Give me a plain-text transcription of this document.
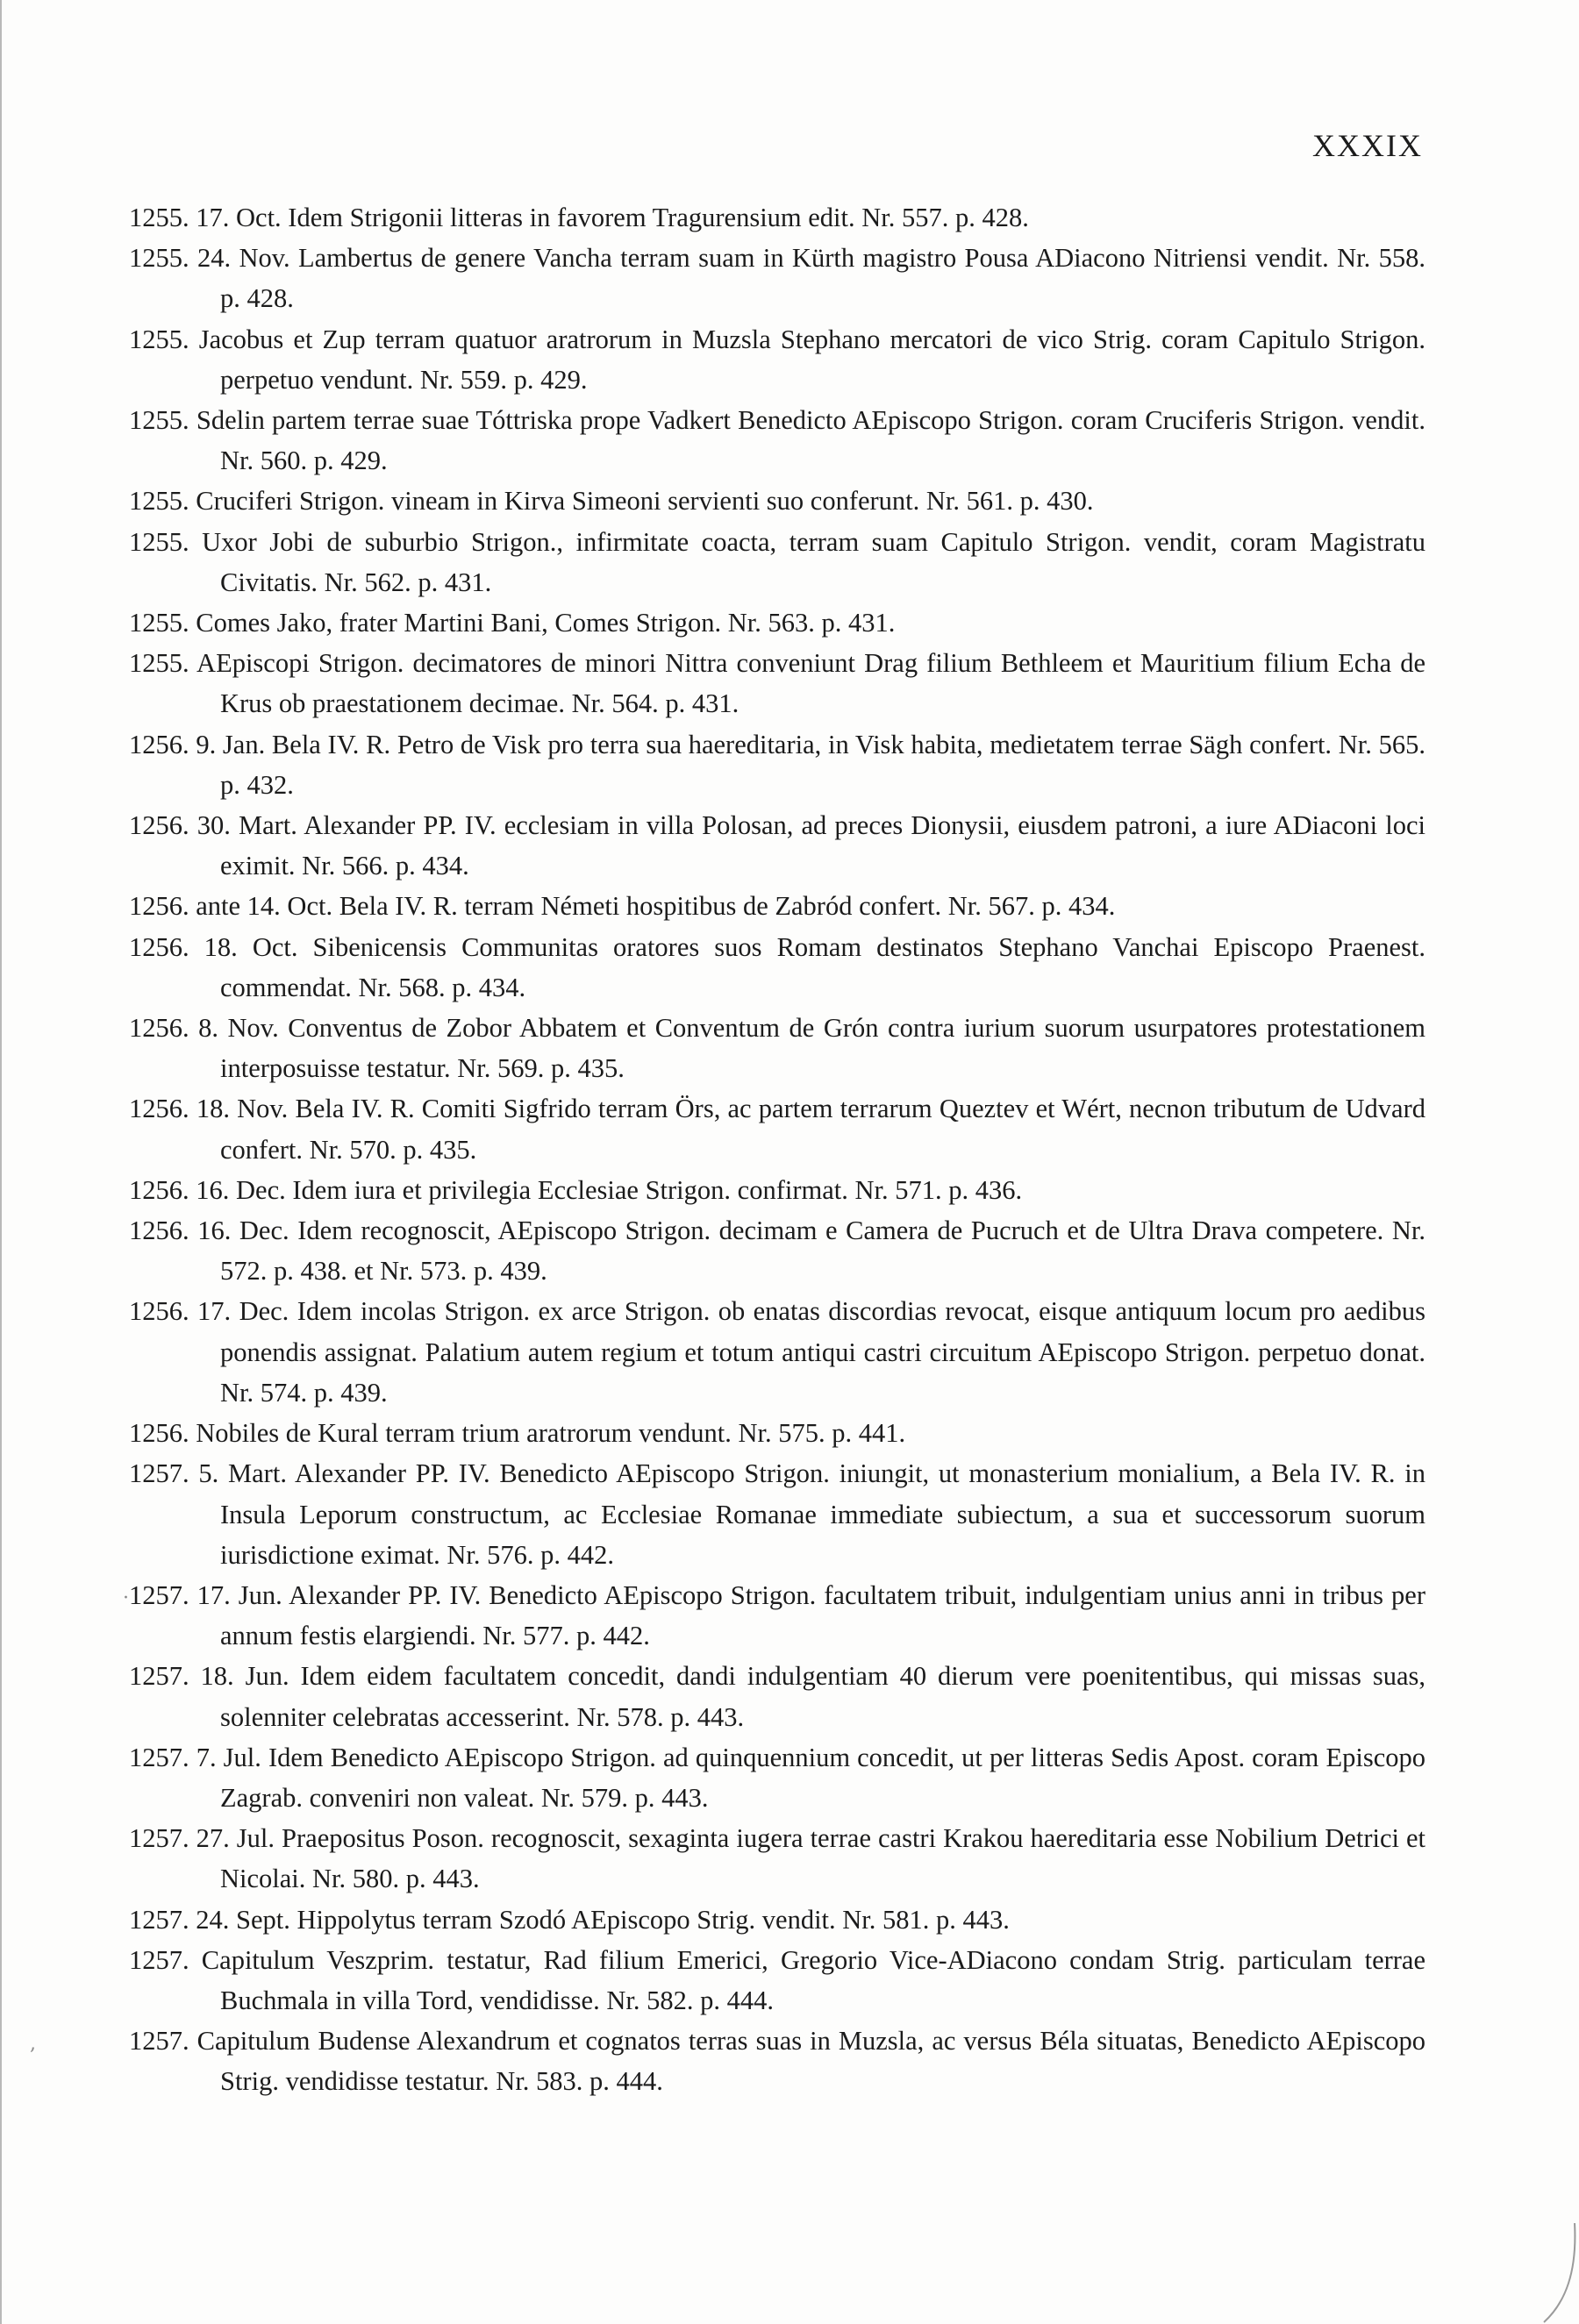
XXXIX
1255. 17. Oct. Idem Strigonii litteras in favorem Tragurensium edit. Nr. 557. p. 428.
1255. 24. Nov. Lambertus de genere Vancha terram suam in Kürth magistro Pousa ADiacono Nitriensi vendit. Nr. 558. p. 428.
1255. Jacobus et Zup terram quatuor aratrorum in Muzsla Stephano mercatori de vico Strig. coram Capitulo Strigon. perpetuo vendunt. Nr. 559. p. 429.
1255. Sdelin partem terrae suae Tóttriska prope Vadkert Benedicto AEpiscopo Strigon. coram Cruciferis Strigon. vendit. Nr. 560. p. 429.
1255. Cruciferi Strigon. vineam in Kirva Simeoni servienti suo conferunt. Nr. 561. p. 430.
1255. Uxor Jobi de suburbio Strigon., infirmitate coacta, terram suam Capitulo Strigon. vendit, coram Magistratu Civitatis. Nr. 562. p. 431.
1255. Comes Jako, frater Martini Bani, Comes Strigon. Nr. 563. p. 431.
1255. AEpiscopi Strigon. decimatores de minori Nittra conveniunt Drag filium Bethleem et Mauritium filium Echa de Krus ob praestationem decimae. Nr. 564. p. 431.
1256. 9. Jan. Bela IV. R. Petro de Visk pro terra sua haereditaria, in Visk habita, medietatem terrae Sägh confert. Nr. 565. p. 432.
1256. 30. Mart. Alexander PP. IV. ecclesiam in villa Polosan, ad preces Dionysii, eiusdem patroni, a iure ADiaconi loci eximit. Nr. 566. p. 434.
1256. ante 14. Oct. Bela IV. R. terram Németi hospitibus de Zabród confert. Nr. 567. p. 434.
1256. 18. Oct. Sibenicensis Communitas oratores suos Romam destinatos Stephano Vanchai Episcopo Praenest. commendat. Nr. 568. p. 434.
1256. 8. Nov. Conventus de Zobor Abbatem et Conventum de Grón contra iurium suorum usurpatores protestationem interposuisse testatur. Nr. 569. p. 435.
1256. 18. Nov. Bela IV. R. Comiti Sigfrido terram Örs, ac partem terrarum Queztev et Wért, necnon tributum de Udvard confert. Nr. 570. p. 435.
1256. 16. Dec. Idem iura et privilegia Ecclesiae Strigon. confirmat. Nr. 571. p. 436.
1256. 16. Dec. Idem recognoscit, AEpiscopo Strigon. decimam e Camera de Pucruch et de Ultra Drava competere. Nr. 572. p. 438. et Nr. 573. p. 439.
1256. 17. Dec. Idem incolas Strigon. ex arce Strigon. ob enatas discordias revocat, eisque antiquum locum pro aedibus ponendis assignat. Palatium autem regium et totum antiqui castri circuitum AEpiscopo Strigon. perpetuo donat. Nr. 574. p. 439.
1256. Nobiles de Kural terram trium aratrorum vendunt. Nr. 575. p. 441.
1257. 5. Mart. Alexander PP. IV. Benedicto AEpiscopo Strigon. iniungit, ut monasterium monialium, a Bela IV. R. in Insula Leporum constructum, ac Ecclesiae Romanae immediate subiectum, a sua et successorum suorum iurisdictione eximat. Nr. 576. p. 442.
1257. 17. Jun. Alexander PP. IV. Benedicto AEpiscopo Strigon. facultatem tribuit, indulgentiam unius anni in tribus per annum festis elargiendi. Nr. 577. p. 442.
1257. 18. Jun. Idem eidem facultatem concedit, dandi indulgentiam 40 dierum vere poenitentibus, qui missas suas, solenniter celebratas accesserint. Nr. 578. p. 443.
1257. 7. Jul. Idem Benedicto AEpiscopo Strigon. ad quinquennium concedit, ut per litteras Sedis Apost. coram Episcopo Zagrab. conveniri non valeat. Nr. 579. p. 443.
1257. 27. Jul. Praepositus Poson. recognoscit, sexaginta iugera terrae castri Krakou haereditaria esse Nobilium Detrici et Nicolai. Nr. 580. p. 443.
1257. 24. Sept. Hippolytus terram Szodó AEpiscopo Strig. vendit. Nr. 581. p. 443.
1257. Capitulum Veszprim. testatur, Rad filium Emerici, Gregorio Vice-ADiacono condam Strig. particulam terrae Buchmala in villa Tord, vendidisse. Nr. 582. p. 444.
1257. Capitulum Budense Alexandrum et cognatos terras suas in Muzsla, ac versus Béla situatas, Benedicto AEpiscopo Strig. vendidisse testatur. Nr. 583. p. 444.
·
,
